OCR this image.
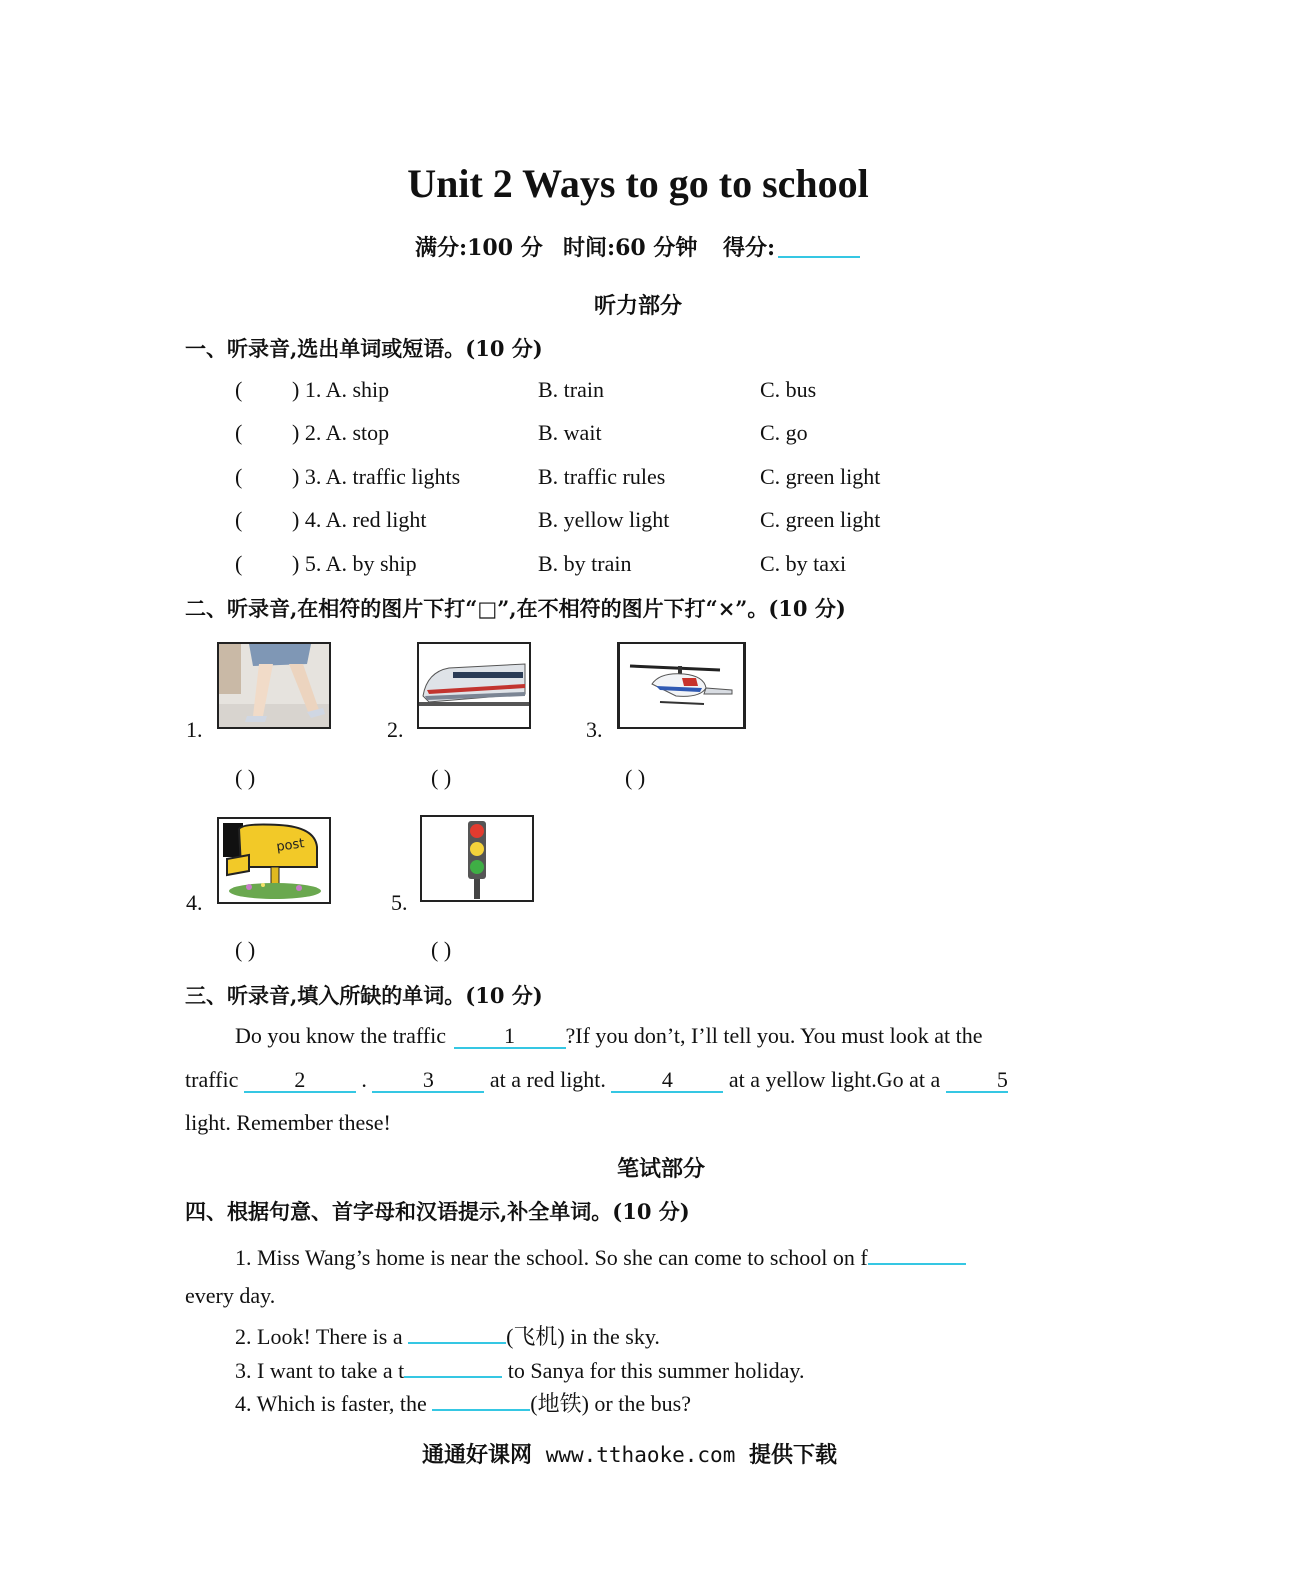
Unit 2 Ways to go to school
满分:100 分 时间:60 分钟 得分:
听力部分
一、听录音,选出单词或短语。(10 分)
( ) 1. A. ship	B. train	C. bus
( ) 2. A. stop	B. wait	C. go
( ) 3. A. traffic lights	B. traffic rules	C. green light
( ) 4. A. red light	B. yellow light	C. green light
( ) 5. A. by ship	B. by train	C. by taxi
二、听录音,在相符的图片下打“□”,在不相符的图片下打“×”。(10 分)
1.	2.	3.
( )	( )	( )
post
4.	5.
( )	( )
三、听录音,填入所缺的单词。(10 分)
Do you know the traffic	1 ?If you don’t, I’ll tell you. You must look at the
traffic	2	.	3	at a red light.	4	at a yellow light.Go at a	5
light. Remember these!
笔试部分
四、根据句意、首字母和汉语提示,补全单词。(10 分)
1. Miss Wang’s home is near the school. So she can come to school on f
every day.
2. Look! There is a	(飞机) in the sky.
3. I want to take a t	to Sanya for this summer holiday.
4. Which is faster, the	(地铁) or the bus?
通通好课网 www.tthaoke.com 提供下载
